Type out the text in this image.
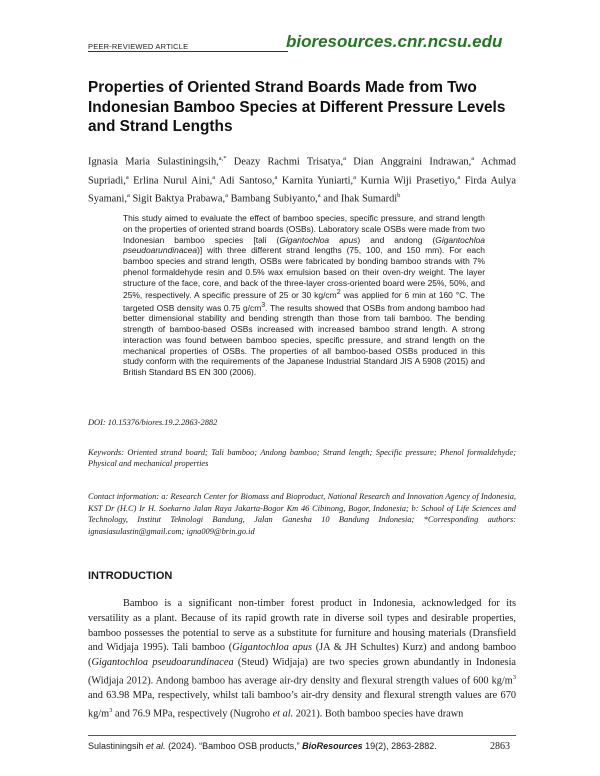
PEER-REVIEWED ARTICLE	bioresources.cnr.ncsu.edu
Properties of Oriented Strand Boards Made from Two Indonesian Bamboo Species at Different Pressure Levels and Strand Lengths
Ignasia Maria Sulastiningsih,$^{a,*}$ Deazy Rachmi Trisatya,$^a$ Dian Anggraini Indrawan,$^a$ Achmad Supriadi,$^a$ Erlina Nurul Aini,$^a$ Adi Santoso,$^a$ Karnita Yuniarti,$^a$ Kurnia Wiji Prasetiyo,$^a$ Firda Aulya Syamani,$^a$ Sigit Baktya Prabawa,$^a$ Bambang Subiyanto,$^a$ and Ihak Sumardi$^b$
This study aimed to evaluate the effect of bamboo species, specific pressure, and strand length on the properties of oriented strand boards (OSBs). Laboratory scale OSBs were made from two Indonesian bamboo species [tali (Gigantochloa apus) and andong (Gigantochloa pseudoarundinacea)] with three different strand lengths (75, 100, and 150 mm). For each bamboo species and strand length, OSBs were fabricated by bonding bamboo strands with 7% phenol formaldehyde resin and 0.5% wax emulsion based on their oven-dry weight. The layer structure of the face, core, and back of the three-layer cross-oriented board were 25%, 50%, and 25%, respectively. A specific pressure of 25 or 30 $kg/cm^2$ was applied for 6 min at 160 °C. The targeted OSB density was 0.75 $g/cm^3$. The results showed that OSBs from andong bamboo had better dimensional stability and bending strength than those from tali bamboo. The bending strength of bamboo-based OSBs increased with increased bamboo strand length. A strong interaction was found between bamboo species, specific pressure, and strand length on the mechanical properties of OSBs. The properties of all bamboo-based OSBs produced in this study conform with the requirements of the Japanese Industrial Standard JIS A 5908 (2015) and British Standard BS EN 300 (2006).
DOI: 10.15376/biores.19.2.2863-2882
Keywords: Oriented strand board; Tali bamboo; Andong bamboo; Strand length; Specific pressure; Phenol formaldehyde; Physical and mechanical properties
Contact information: a: Research Center for Biomass and Bioproduct, National Research and Innovation Agency of Indonesia, KST Dr (H.C) Ir H. Soekarno Jalan Raya Jakarta-Bogor Km 46 Cibinong, Bogor, Indonesia; b: School of Life Sciences and Technology, Institut Teknologi Bandung, Jalan Ganesha 10 Bandung Indonesia; *Corresponding authors: ignasiasulastin@gmail.com; igna009@brin.go.id
INTRODUCTION

Bamboo is a significant non-timber forest product in Indonesia, acknowledged for its versatility as a plant. Because of its rapid growth rate in diverse soil types and desirable properties, bamboo possesses the potential to serve as a substitute for furniture and housing materials (Dransfield and Widjaja 1995). Tali bamboo (Gigantochloa apus (JA & JH Schultes) Kurz) and andong bamboo (Gigantochloa pseudoarundinacea (Steud) Widjaja) are two species grown abundantly in Indonesia (Widjaja 2012). Andong bamboo has average air-dry density and flexural strength values of 600 $kg/m^3$ and 63.98 MPa, respectively, whilst tali bamboo’s air-dry density and flexural strength values are 670 $kg/m^3$ and 76.9 MPa, respectively (Nugroho et al. 2021). Both bamboo species have drawn

Sulastiningsih et al. (2024). “Bamboo OSB products,” BioResources 19(2), 2863-2882.	2863
